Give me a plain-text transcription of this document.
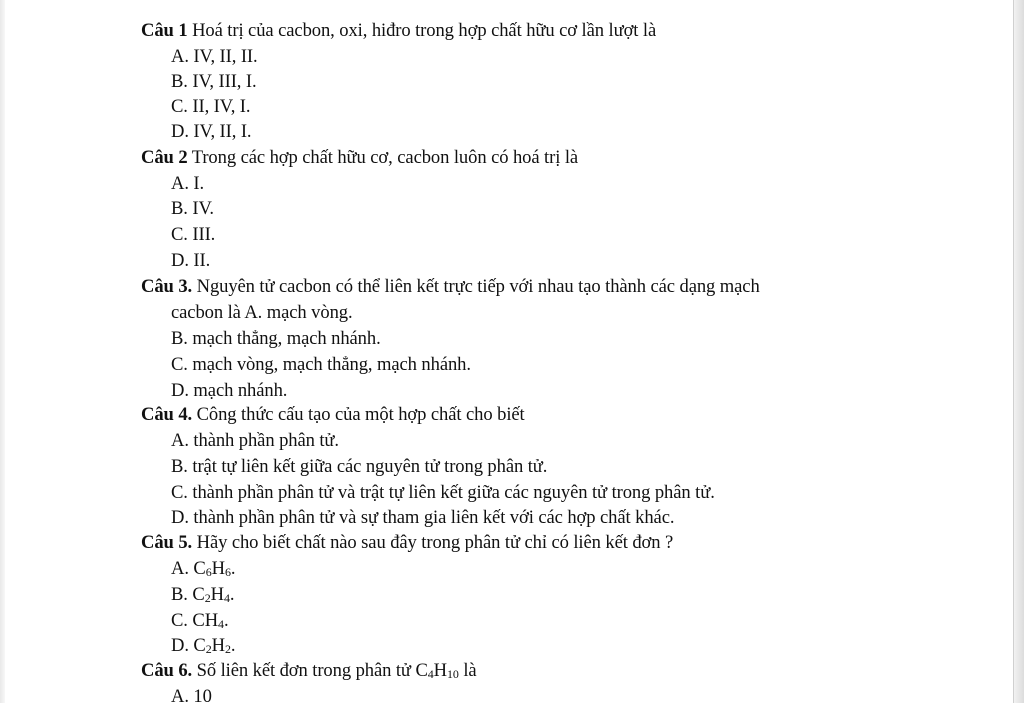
Câu 1 Hoá trị của cacbon, oxi, hiđro trong hợp chất hữu cơ lần lượt là
A. IV, II, II.
B. IV, III, I.
C. II, IV, I.
D. IV, II, I.
Câu 2 Trong các hợp chất hữu cơ, cacbon luôn có hoá trị là
A. I.
B. IV.
C. III.
D. II.
Câu 3. Nguyên tử cacbon có thể liên kết trực tiếp với nhau tạo thành các dạng mạch
cacbon là A. mạch vòng.
B. mạch thẳng, mạch nhánh.
C. mạch vòng, mạch thẳng, mạch nhánh.
D. mạch nhánh.
Câu 4. Công thức cấu tạo của một hợp chất cho biết
A. thành phần phân tử.
B. trật tự liên kết giữa các nguyên tử trong phân tử.
C. thành phần phân tử và trật tự liên kết giữa các nguyên tử trong phân tử.
D. thành phần phân tử và sự tham gia liên kết với các hợp chất khác.
Câu 5. Hãy cho biết chất nào sau đây trong phân tử chỉ có liên kết đơn ?
A. $C_6H_6$.
B. $C_2H_4$.
C. $CH_4$.
D. $C_2H_2$.
Câu 6. Số liên kết đơn trong phân tử $C_4H_{10}$ là
A. 10
